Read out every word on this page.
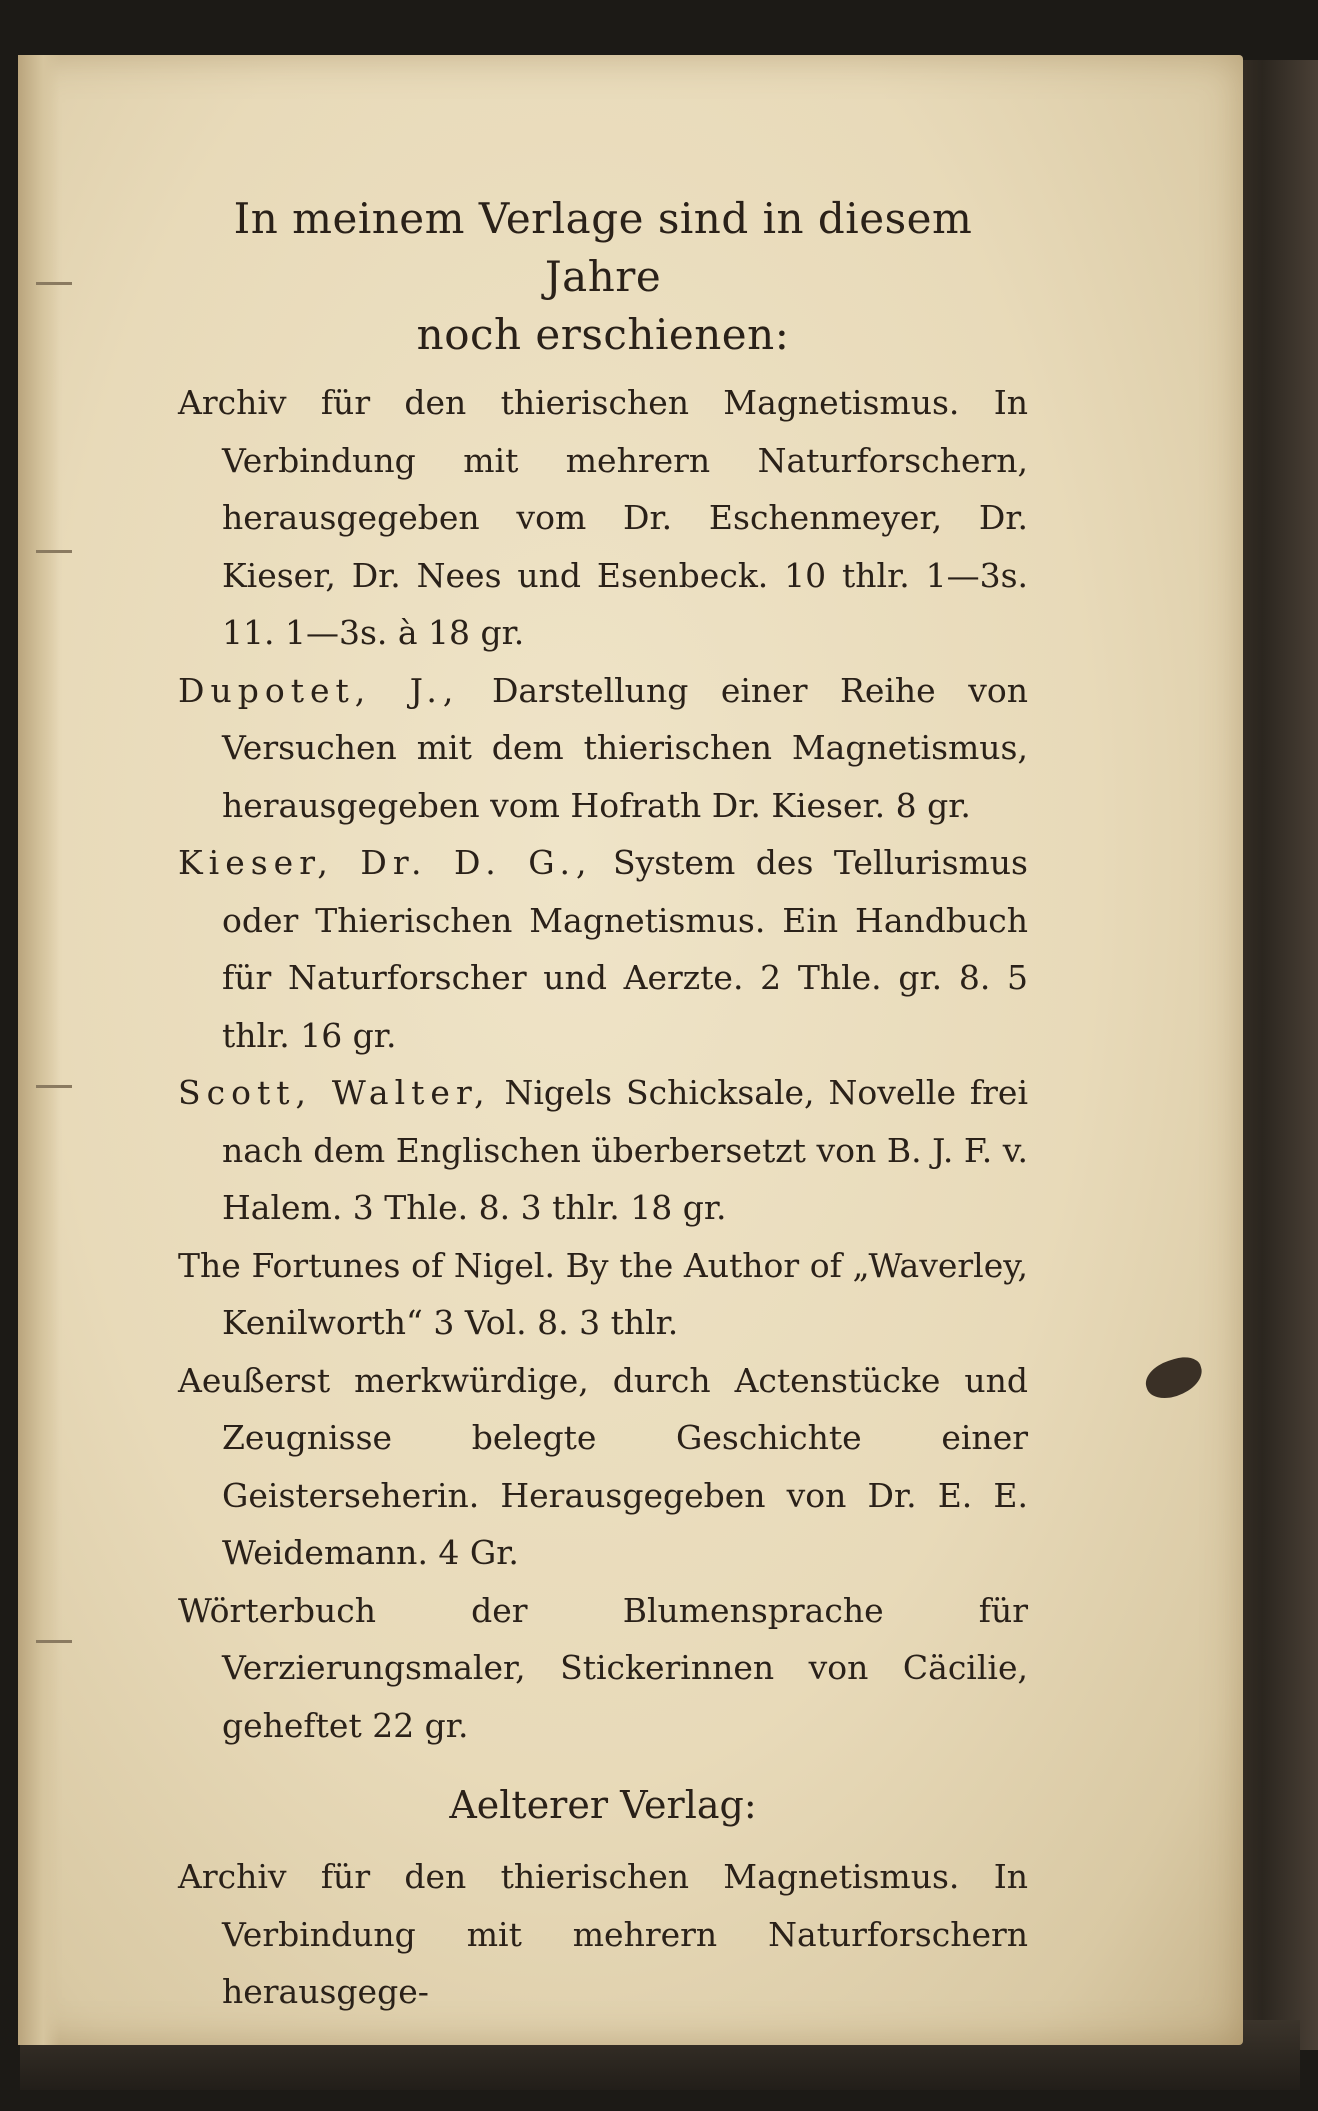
In meinem Verlage sind in diesem Jahre
noch erschienen:

Archiv für den thierischen Magnetismus. In Verbindung mit mehrern Naturforschern, herausgegeben vom Dr. Eschenmeyer, Dr. Kieser, Dr. Nees und Esenbeck. 10 thlr. 1—3s. 11. 1—3s. à 18 gr.

Dupotet, J., Darstellung einer Reihe von Versuchen mit dem thierischen Magnetismus, herausgegeben vom Hofrath Dr. Kieser. 8 gr.

Kieser, Dr. D. G., System des Tellurismus oder Thierischen Magnetismus. Ein Handbuch für Naturforscher und Aerzte. 2 Thle. gr. 8. 5 thlr. 16 gr.

Scott, Walter, Nigels Schicksale, Novelle frei nach dem Englischen überbersetzt von B. J. F. v. Halem. 3 Thle. 8. 3 thlr. 18 gr.

The Fortunes of Nigel. By the Author of „Waverley, Kenilworth“ 3 Vol. 8. 3 thlr.

Aeußerst merkwürdige, durch Actenstücke und Zeugnisse belegte Geschichte einer Geisterseherin. Herausgegeben von Dr. E. E. Weidemann. 4 Gr.

Wörterbuch der Blumensprache für Verzierungsmaler, Stickerinnen von Cäcilie, geheftet 22 gr.

Aelterer Verlag:

Archiv für den thierischen Magnetismus. In Verbindung mit mehrern Naturforschern herausgege-
